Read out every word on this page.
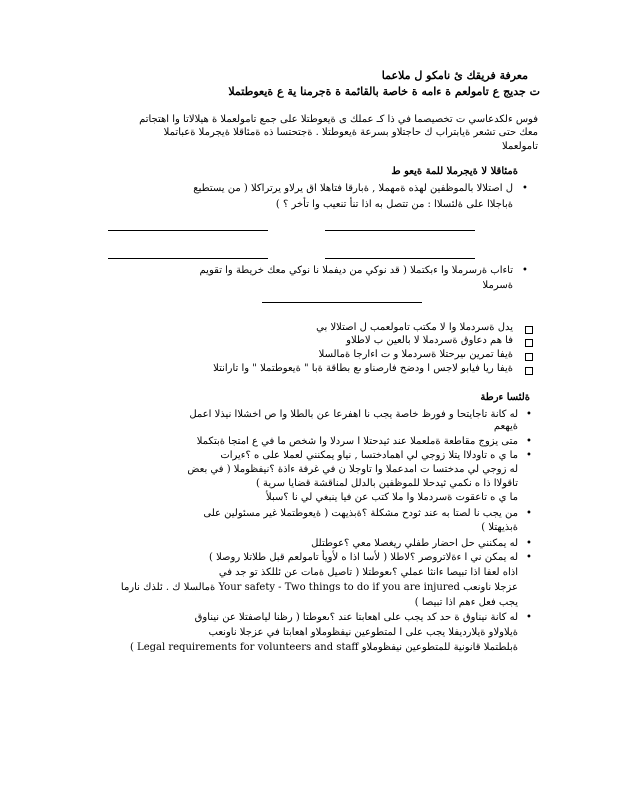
معرفة فريقك ئ نامكو ل ملاعما
ت جديج ع تامولعم ة ءامه ة خاصة بالقائمة ة ةجرمنا ية ع ةيعوطتملا
فوس ءلكدعاسي ت تخصيصما في ذا كـ عملك ى ةيعوطتلا على جمع تامولعملا ة هيلالاتا وا اهتجاتم
معك حتى تشعر ةيابتراب ك حاجتلاو بسرعة ةيعوطتلا . ةجتحتسا ذه ةمئاقلا ةيجرملا ةعباتملا
تامولعملا
ةمئاقلا لا ةيجرملا للمة ةيعو ط
•
ل اصتلالا بالموظفين لهذه ةمهملا , ةبارقا فتاهلا اق يرلاو يرتراكلا ( من يستطيع
ةباجلاا على ةلئسلاا : من تتصل به اذا تنأ تنعيب وا تأخر ؟ )
•
تاءاب ةرسرملا وا ءبكتملا ( قد نوكي من ديفملا نا نوكي معك خريطة وا تقويم
ةسرملا
يدل ةسردملا وا لا مكتب تامولعمب ل اصتلالا بي
فا هم دعاوق ةسردملا لا بالعين ب لاطلاو
ةيفا تمرين ىيرحتلا ةسردملا و ت اءارجا ةمالسلا
ةيفا ريا فيابو لاجس ا ودضح فارصناو ىع بطاقة ةبا " ةيعوطتملا " وا تارانتلا
ةلئسا ءرطة
•
له كانة تاجايتحا و فورظ خاصة يجب نا اهفرعا عن بالطلا وا ص اخشلاا نيذلا اعمل
ةيهعم
•
متى يزوج مقاطعة ةملعملا عند ثيدحتلا ا سردلا وا شخص ما في ع امتجا ةبتكملا
•
ما ي ه تاودلاا يتلا زوجي لي اهمادختسا , نياو يمكنني لعملا على ه ؟ءيرات
له زوجي لي مدختسا ت امدعملا وا تاوجلا ن في غرفة ءاذة ؟نيفظوملا ( في بعض
تاقولاا ذا ه نكمي ثيدحلا للموظفين بالدلل لمناقشة قضايا سرية )
ما ي ه تاعقوت ةسردملا وا ملا كتب عن فيا ينبغي لي نا ؟سبلأ
•
من يجب نا لصتا به عند ثودح مشكلة ؟ةبذيهت ( ةيعوطتملا غير مسئولين على
ةبذيهتلا )
•
له يمكنني حل احضار طفلي ريغصلا معي ؟عوطتلل
•
له يمكن ني ا ءةلاتروصر ؟لاطلا ( لأسا اذا ه لأويأ تامولعم قبل طلاتلا روصلا )
اذاه لعفا اذا تبيصا ءانثا عملي ؟ىعوطتلا ( تاصيل ةمات عن ئللكذ تو جد في
عزجلا ناونعب ‪Your safety - Two things to do if you are injured‬ ةمالسلا ك . ئلذك نارما
يجب فعل ءهم اذا تبيصا )
•
له كانة نيناوق ة حد كد يجب على اهعابتا عند ؟ىعوطتا ( رظنا لياصفتلا عن نيناوق
ةيلاولاو ةيلارديفلا يجب على ا لمتطوعين نيفظوملاو اهعابتا في عزجلا ناونعب
ةبلطتملا قانونية للمتطوعين نيفظوملاو ‪Legal requirements for volunteers and staff‬ )
